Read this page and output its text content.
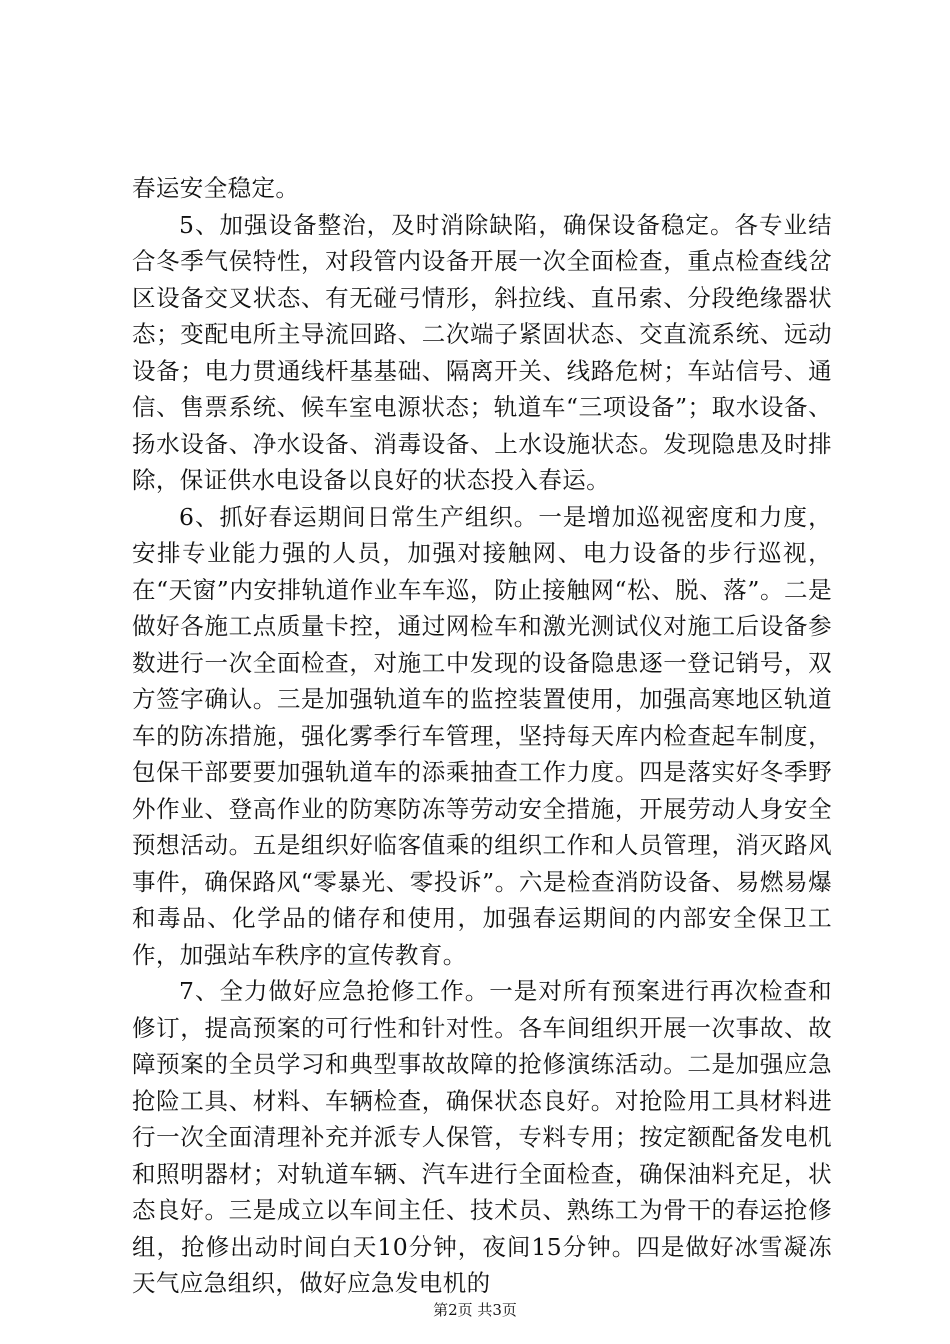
春运安全稳定。

5、加强设备整治，及时消除缺陷，确保设备稳定。各专业结合冬季气侯特性，对段管内设备开展一次全面检查，重点检查线岔区设备交叉状态、有无碰弓情形，斜拉线、直吊索、分段绝缘器状态；变配电所主导流回路、二次端子紧固状态、交直流系统、远动设备；电力贯通线杆基基础、隔离开关、线路危树；车站信号、通信、售票系统、候车室电源状态；轨道车“三项设备”；取水设备、扬水设备、净水设备、消毒设备、上水设施状态。发现隐患及时排除，保证供水电设备以良好的状态投入春运。

6、抓好春运期间日常生产组织。一是增加巡视密度和力度，安排专业能力强的人员，加强对接触网、电力设备的步行巡视，在“天窗”内安排轨道作业车车巡，防止接触网“松、脱、落”。二是做好各施工点质量卡控，通过网检车和激光测试仪对施工后设备参数进行一次全面检查，对施工中发现的设备隐患逐一登记销号，双方签字确认。三是加强轨道车的监控装置使用，加强高寒地区轨道车的防冻措施，强化雾季行车管理，坚持每天库内检查起车制度，包保干部要要加强轨道车的添乘抽查工作力度。四是落实好冬季野外作业、登高作业的防寒防冻等劳动安全措施，开展劳动人身安全预想活动。五是组织好临客值乘的组织工作和人员管理，消灭路风事件，确保路风“零暴光、零投诉”。六是检查消防设备、易燃易爆和毒品、化学品的储存和使用，加强春运期间的内部安全保卫工作，加强站车秩序的宣传教育。

7、全力做好应急抢修工作。一是对所有预案进行再次检查和修订，提高预案的可行性和针对性。各车间组织开展一次事故、故障预案的全员学习和典型事故故障的抢修演练活动。二是加强应急抢险工具、材料、车辆检查，确保状态良好。对抢险用工具材料进行一次全面清理补充并派专人保管，专料专用；按定额配备发电机和照明器材；对轨道车辆、汽车进行全面检查，确保油料充足，状态良好。三是成立以车间主任、技术员、熟练工为骨干的春运抢修组，抢修出动时间白天10分钟，夜间15分钟。四是做好冰雪凝冻天气应急组织，做好应急发电机的

第2页 共3页
